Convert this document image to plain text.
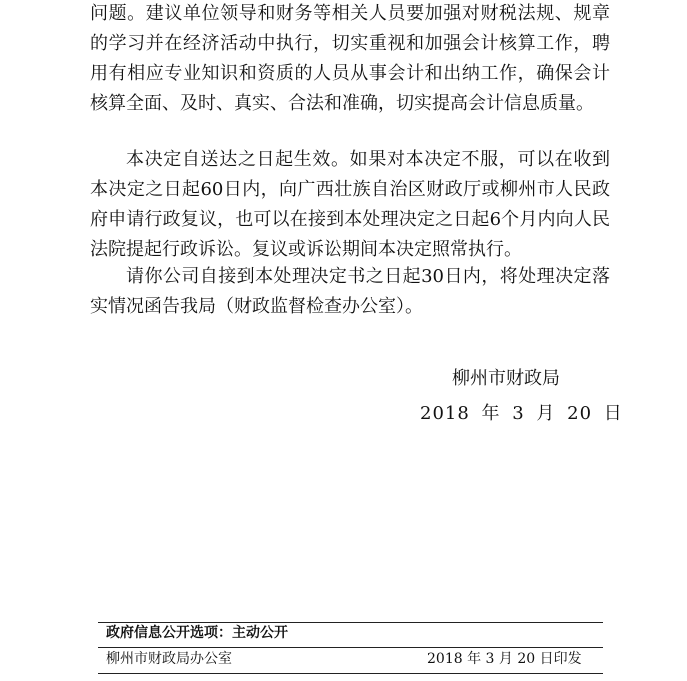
问题。建议单位领导和财务等相关人员要加强对财税法规、规章的学习并在经济活动中执行，切实重视和加强会计核算工作，聘用有相应专业知识和资质的人员从事会计和出纳工作，确保会计核算全面、及时、真实、合法和准确，切实提高会计信息质量。

本决定自送达之日起生效。如果对本决定不服，可以在收到本决定之日起60日内，向广西壮族自治区财政厅或柳州市人民政府申请行政复议，也可以在接到本处理决定之日起6个月内向人民法院提起行政诉讼。复议或诉讼期间本决定照常执行。

请你公司自接到本处理决定书之日起30日内，将处理决定落实情况函告我局（财政监督检查办公室）。

柳州市财政局
2018 年 3 月 20 日
政府信息公开选项：主动公开
柳州市财政局办公室	2018 年 3 月 20 日印发
